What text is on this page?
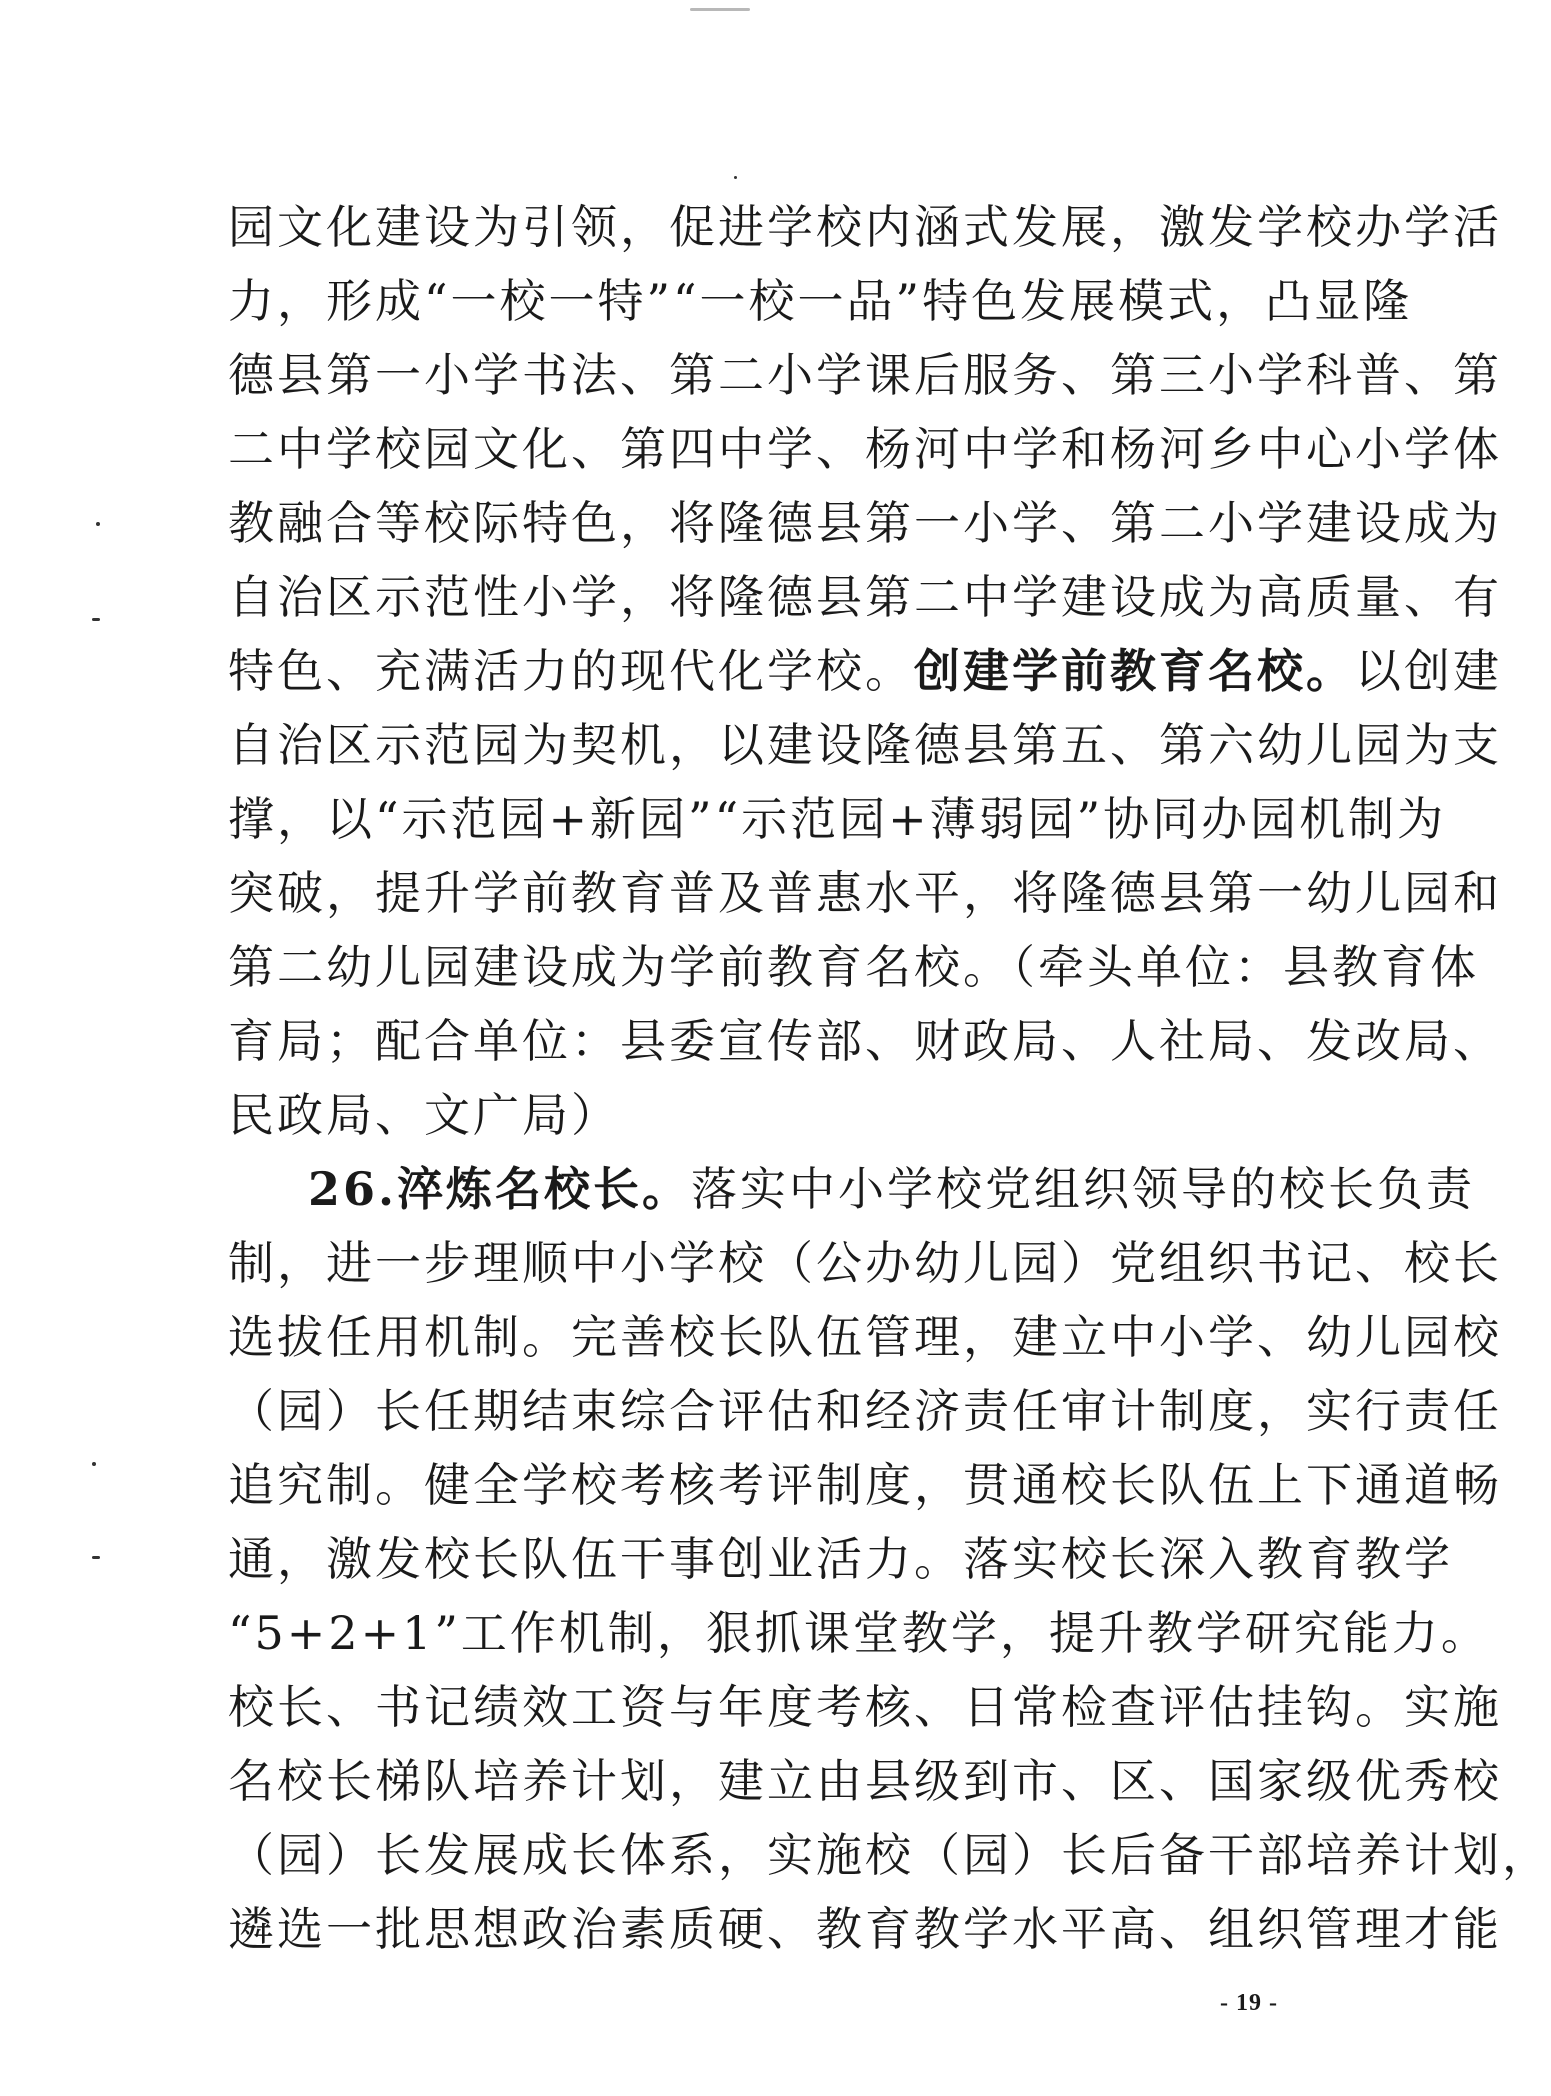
园文化建设为引领，促进学校内涵式发展，激发学校办学活
力，形成“一校一特”“一校一品”特色发展模式，凸显隆
德县第一小学书法、第二小学课后服务、第三小学科普、第
二中学校园文化、第四中学、杨河中学和杨河乡中心小学体
教融合等校际特色，将隆德县第一小学、第二小学建设成为
自治区示范性小学，将隆德县第二中学建设成为高质量、有
特色、充满活力的现代化学校。创建学前教育名校。以创建
自治区示范园为契机，以建设隆德县第五、第六幼儿园为支
撑，以“示范园+新园”“示范园+薄弱园”协同办园机制为
突破，提升学前教育普及普惠水平，将隆德县第一幼儿园和
第二幼儿园建设成为学前教育名校。（牵头单位：县教育体
育局；配合单位：县委宣传部、财政局、人社局、发改局、
民政局、文广局）
26.淬炼名校长。落实中小学校党组织领导的校长负责
制，进一步理顺中小学校（公办幼儿园）党组织书记、校长
选拔任用机制。完善校长队伍管理，建立中小学、幼儿园校
（园）长任期结束综合评估和经济责任审计制度，实行责任
追究制。健全学校考核考评制度，贯通校长队伍上下通道畅
通，激发校长队伍干事创业活力。落实校长深入教育教学
“5+2+1”工作机制，狠抓课堂教学，提升教学研究能力。
校长、书记绩效工资与年度考核、日常检查评估挂钩。实施
名校长梯队培养计划，建立由县级到市、区、国家级优秀校
（园）长发展成长体系，实施校（园）长后备干部培养计划，
遴选一批思想政治素质硬、教育教学水平高、组织管理才能
- 19 -
